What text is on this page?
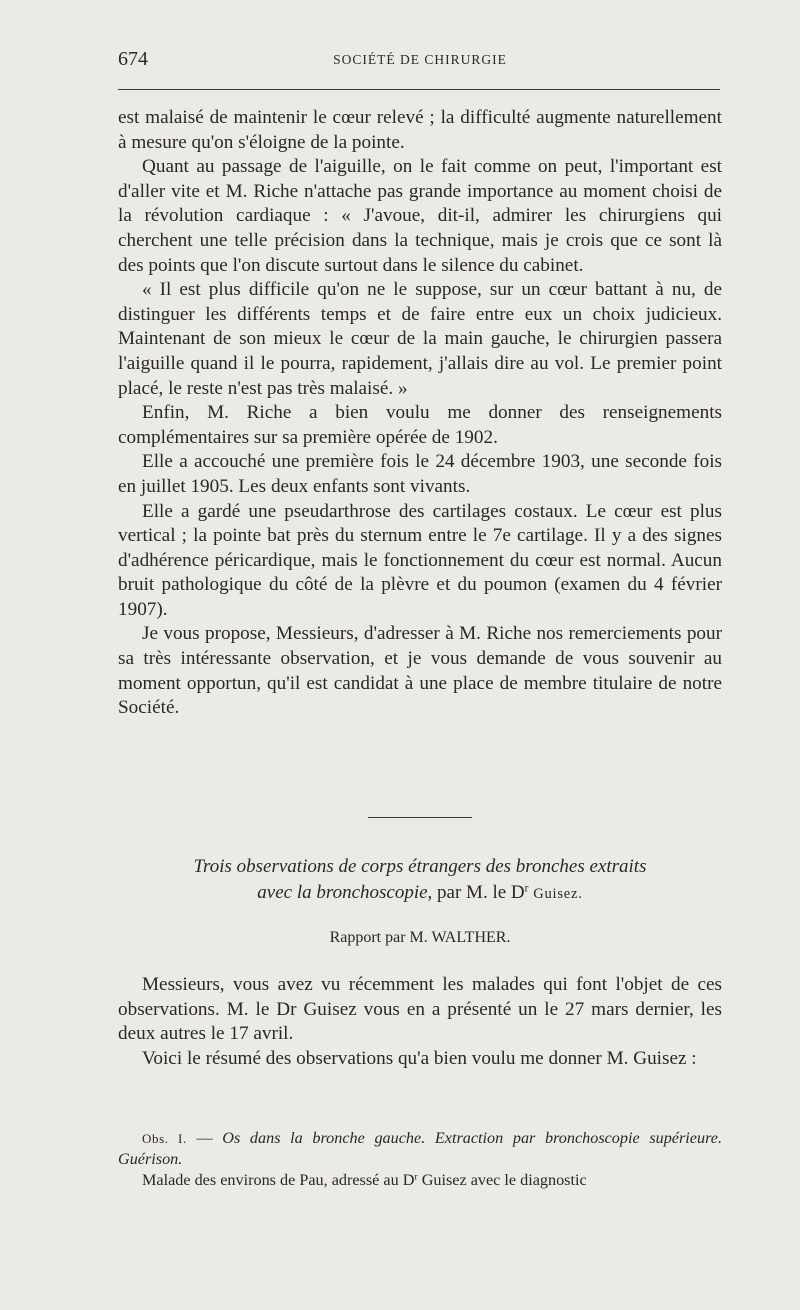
674	SOCIÉTÉ DE CHIRURGIE

est malaisé de maintenir le cœur relevé ; la difficulté augmente naturellement à mesure qu'on s'éloigne de la pointe.

Quant au passage de l'aiguille, on le fait comme on peut, l'important est d'aller vite et M. Riche n'attache pas grande importance au moment choisi de la révolution cardiaque : « J'avoue, dit-il, admirer les chirurgiens qui cherchent une telle précision dans la technique, mais je crois que ce sont là des points que l'on discute surtout dans le silence du cabinet.

« Il est plus difficile qu'on ne le suppose, sur un cœur battant à nu, de distinguer les différents temps et de faire entre eux un choix judicieux. Maintenant de son mieux le cœur de la main gauche, le chirurgien passera l'aiguille quand il le pourra, rapidement, j'allais dire au vol. Le premier point placé, le reste n'est pas très malaisé. »

Enfin, M. Riche a bien voulu me donner des renseignements complémentaires sur sa première opérée de 1902.

Elle a accouché une première fois le 24 décembre 1903, une seconde fois en juillet 1905. Les deux enfants sont vivants.

Elle a gardé une pseudarthrose des cartilages costaux. Le cœur est plus vertical ; la pointe bat près du sternum entre le 7e cartilage. Il y a des signes d'adhérence péricardique, mais le fonctionnement du cœur est normal. Aucun bruit pathologique du côté de la plèvre et du poumon (examen du 4 février 1907).

Je vous propose, Messieurs, d'adresser à M. Riche nos remerciements pour sa très intéressante observation, et je vous demande de vous souvenir au moment opportun, qu'il est candidat à une place de membre titulaire de notre Société.

Trois observations de corps étrangers des bronches extraits
avec la bronchoscopie, par M. le $D^r$ Guisez.
Rapport par M. WALTHER.

Messieurs, vous avez vu récemment les malades qui font l'objet de ces observations. M. le Dr Guisez vous en a présenté un le 27 mars dernier, les deux autres le 17 avril.

Voici le résumé des observations qu'a bien voulu me donner M. Guisez :

Obs. I. — Os dans la bronche gauche. Extraction par bronchoscopie supérieure. Guérison.

Malade des environs de Pau, adressé au $D^r$ Guisez avec le diagnostic
